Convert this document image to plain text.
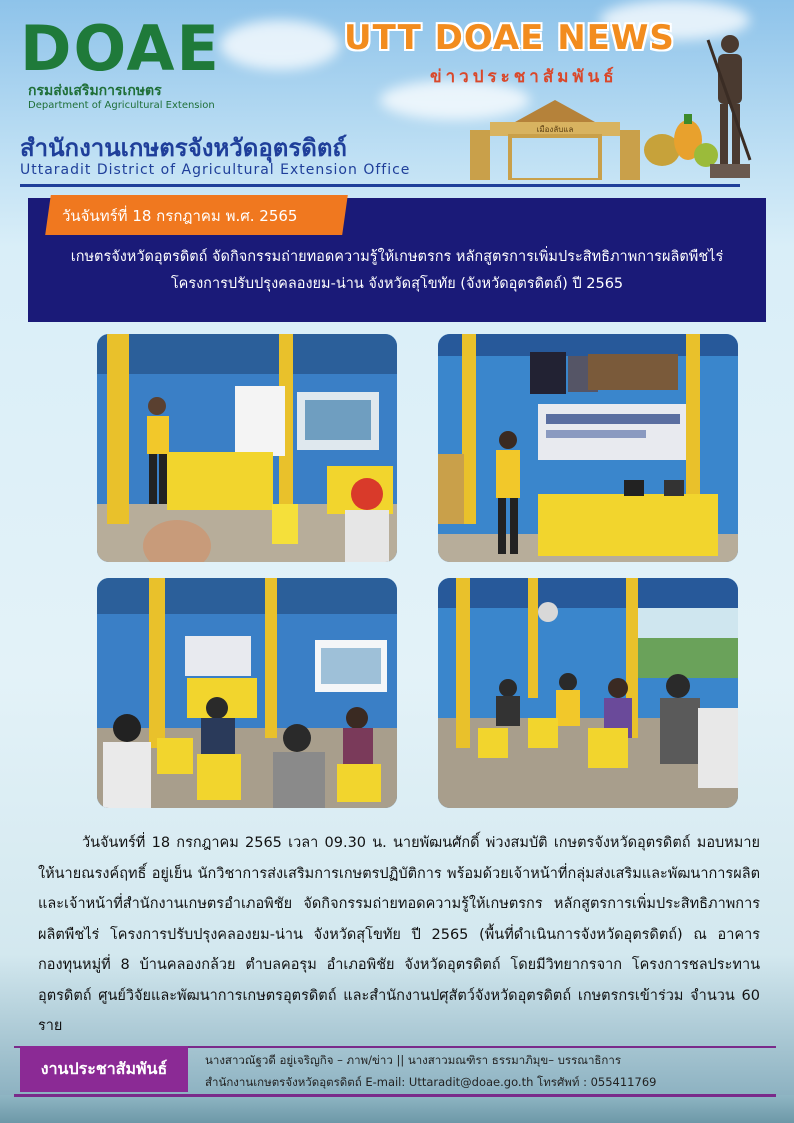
DOAE
กรมส่งเสริมการเกษตร
Department of Agricultural Extension
UTT DOAE NEWS
ข่าวประชาสัมพันธ์
เมืองลับแล
สำนักงานเกษตรจังหวัดอุตรดิตถ์
Uttaradit District of Agricultural Extension Office
วันจันทร์ที่ 18 กรกฎาคม พ.ศ. 2565
เกษตรจังหวัดอุตรดิตถ์ จัดกิจกรรมถ่ายทอดความรู้ให้เกษตรกร หลักสูตรการเพิ่มประสิทธิภาพการผลิตพืชไร่
โครงการปรับปรุงคลองยม-น่าน จังหวัดสุโขทัย (จังหวัดอุตรดิตถ์) ปี 2565
วันจันทร์ที่ 18 กรกฎาคม 2565 เวลา 09.30 น. นายพัฒนศักดิ์ พ่วงสมบัติ เกษตรจังหวัดอุตรดิตถ์ มอบหมายให้นายณรงค์ฤทธิ์ อยู่เย็น นักวิชาการส่งเสริมการเกษตรปฏิบัติการ พร้อมด้วยเจ้าหน้าที่กลุ่มส่งเสริมและพัฒนาการผลิต และเจ้าหน้าที่สำนักงานเกษตรอำเภอพิชัย จัดกิจกรรมถ่ายทอดความรู้ให้เกษตรกร หลักสูตรการเพิ่มประสิทธิภาพการผลิตพืชไร่ โครงการปรับปรุงคลองยม-น่าน จังหวัดสุโขทัย ปี 2565 (พื้นที่ดำเนินการจังหวัดอุตรดิตถ์) ณ อาคารกองทุนหมู่ที่ 8 บ้านคลองกล้วย ตำบลคอรุม อำเภอพิชัย จังหวัดอุตรดิตถ์ โดยมีวิทยากรจาก โครงการชลประทานอุตรดิตถ์ ศูนย์วิจัยและพัฒนาการเกษตรอุตรดิตถ์ และสำนักงานปศุสัตว์จังหวัดอุตรดิตถ์ เกษตรกรเข้าร่วม จำนวน 60 ราย
งานประชาสัมพันธ์	นางสาวณัฐวดี อยู่เจริญกิจ – ภาพ/ข่าว || นางสาวมณฑิรา ธรรมาภิมุข– บรรณาธิการ
สำนักงานเกษตรจังหวัดอุตรดิตถ์ E-mail: Uttaradit@doae.go.th โทรศัพท์ : 055411769
